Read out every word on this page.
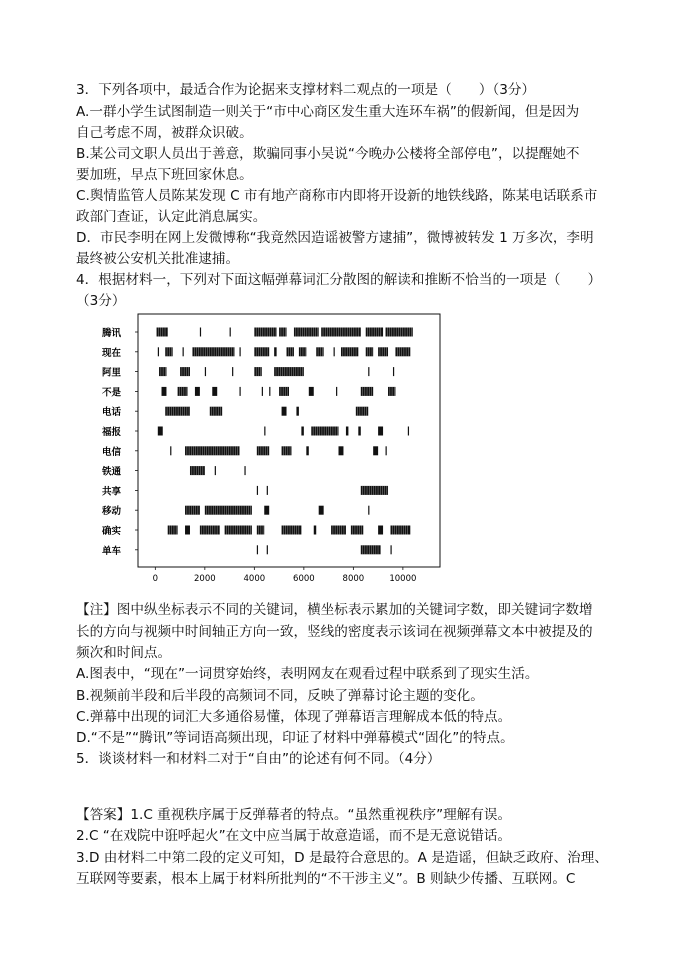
3．下列各项中，最适合作为论据来支撑材料二观点的一项是（　　）（3分）
A.一群小学生试图制造一则关于“市中心商区发生重大连环车祸”的假新闻，但是因为
自己考虑不周，被群众识破。
B.某公司文职人员出于善意，欺骗同事小吴说“今晚办公楼将全部停电”，以提醒她不
要加班，早点下班回家休息。
C.舆情监管人员陈某发现 C 市有地产商称市内即将开设新的地铁线路，陈某电话联系市
政部门查证，认定此消息属实。
D．市民李明在网上发微博称“我竟然因造谣被警方逮捕”，微博被转发 1 万多次，李明
最终被公安机关批准逮捕。
4．根据材料一，下列对下面这幅弹幕词汇分散图的解读和推断不恰当的一项是（　　）
（3分）
腾讯
现在
阿里
不是
电话
福报
电信
铁通
共享
移动
确实
单车
0	2000	4000	6000	8000	10000
【注】图中纵坐标表示不同的关键词，横坐标表示累加的关键词字数，即关键词字数增
长的方向与视频中时间轴正方向一致，竖线的密度表示该词在视频弹幕文本中被提及的
频次和时间点。
A.图表中，“现在”一词贯穿始终，表明网友在观看过程中联系到了现实生活。
B.视频前半段和后半段的高频词不同，反映了弹幕讨论主题的变化。
C.弹幕中出现的词汇大多通俗易懂，体现了弹幕语言理解成本低的特点。
D.“不是”“腾讯”等词语高频出现，印证了材料中弹幕模式“固化”的特点。
5．谈谈材料一和材料二对于“自由”的论述有何不同。（4分）
【答案】1.C 重视秩序属于反弹幕者的特点。“虽然重视秩序”理解有误。
2.C “在戏院中诳呼起火”在文中应当属于故意造谣，而不是无意说错话。
3.D 由材料二中第二段的定义可知，D 是最符合意思的。A 是造谣，但缺乏政府、治理、
互联网等要素，根本上属于材料所批判的“不干涉主义”。B 则缺少传播、互联网。C
